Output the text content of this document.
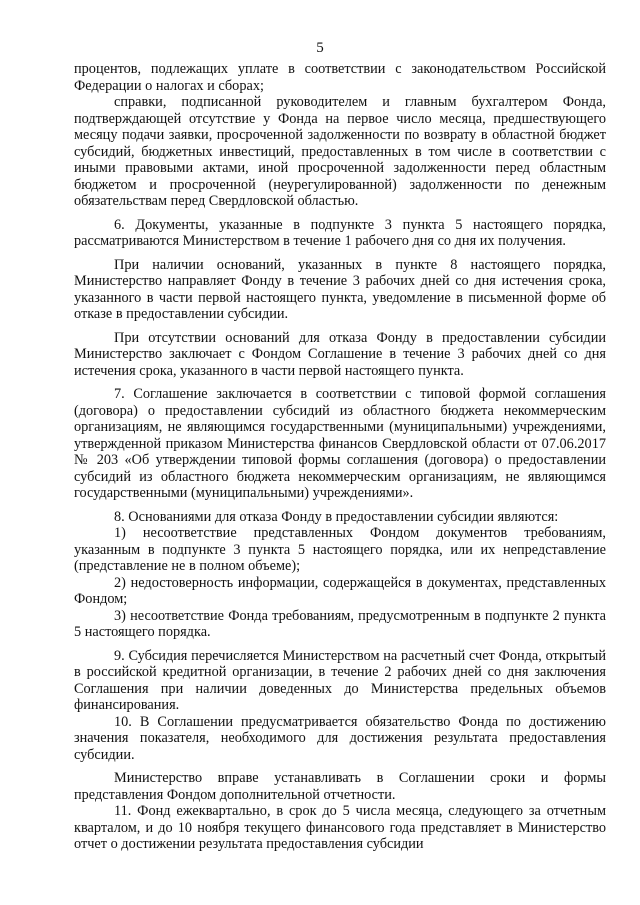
5

процентов, подлежащих уплате в соответствии с законодательством Российской Федерации о налогах и сборах;

справки, подписанной руководителем и главным бухгалтером Фонда, подтверждающей отсутствие у Фонда на первое число месяца, предшествующего месяцу подачи заявки, просроченной задолженности по возврату в областной бюджет субсидий, бюджетных инвестиций, предоставленных в том числе в соответствии с иными правовыми актами, иной просроченной задолженности перед областным бюджетом и просроченной (неурегулированной) задолженности по денежным обязательствам перед Свердловской областью.

6. Документы, указанные в подпункте 3 пункта 5 настоящего порядка, рассматриваются Министерством в течение 1 рабочего дня со дня их получения.

При наличии оснований, указанных в пункте 8 настоящего порядка, Министерство направляет Фонду в течение 3 рабочих дней со дня истечения срока, указанного в части первой настоящего пункта, уведомление в письменной форме об отказе в предоставлении субсидии.

При отсутствии оснований для отказа Фонду в предоставлении субсидии Министерство заключает с Фондом Соглашение в течение 3 рабочих дней со дня истечения срока, указанного в части первой настоящего пункта.

7. Соглашение заключается в соответствии с типовой формой соглашения (договора) о предоставлении субсидий из областного бюджета некоммерческим организациям, не являющимся государственными (муниципальными) учреждениями, утвержденной приказом Министерства финансов Свердловской области от 07.06.2017 № 203 «Об утверждении типовой формы соглашения (договора) о предоставлении субсидий из областного бюджета некоммерческим организациям, не являющимся государственными (муниципальными) учреждениями».

8. Основаниями для отказа Фонду в предоставлении субсидии являются:

1) несоответствие представленных Фондом документов требованиям, указанным в подпункте 3 пункта 5 настоящего порядка, или их непредставление (представление не в полном объеме);

2) недостоверность информации, содержащейся в документах, представленных Фондом;

3) несоответствие Фонда требованиям, предусмотренным в подпункте 2 пункта 5 настоящего порядка.

9. Субсидия перечисляется Министерством на расчетный счет Фонда, открытый в российской кредитной организации, в течение 2 рабочих дней со дня заключения Соглашения при наличии доведенных до Министерства предельных объемов финансирования.

10. В Соглашении предусматривается обязательство Фонда по достижению значения показателя, необходимого для достижения результата предоставления субсидии.

Министерство вправе устанавливать в Соглашении сроки и формы представления Фондом дополнительной отчетности.

11. Фонд ежеквартально, в срок до 5 числа месяца, следующего за отчетным кварталом, и до 10 ноября текущего финансового года представляет в Министерство отчет о достижении результата предоставления субсидии
